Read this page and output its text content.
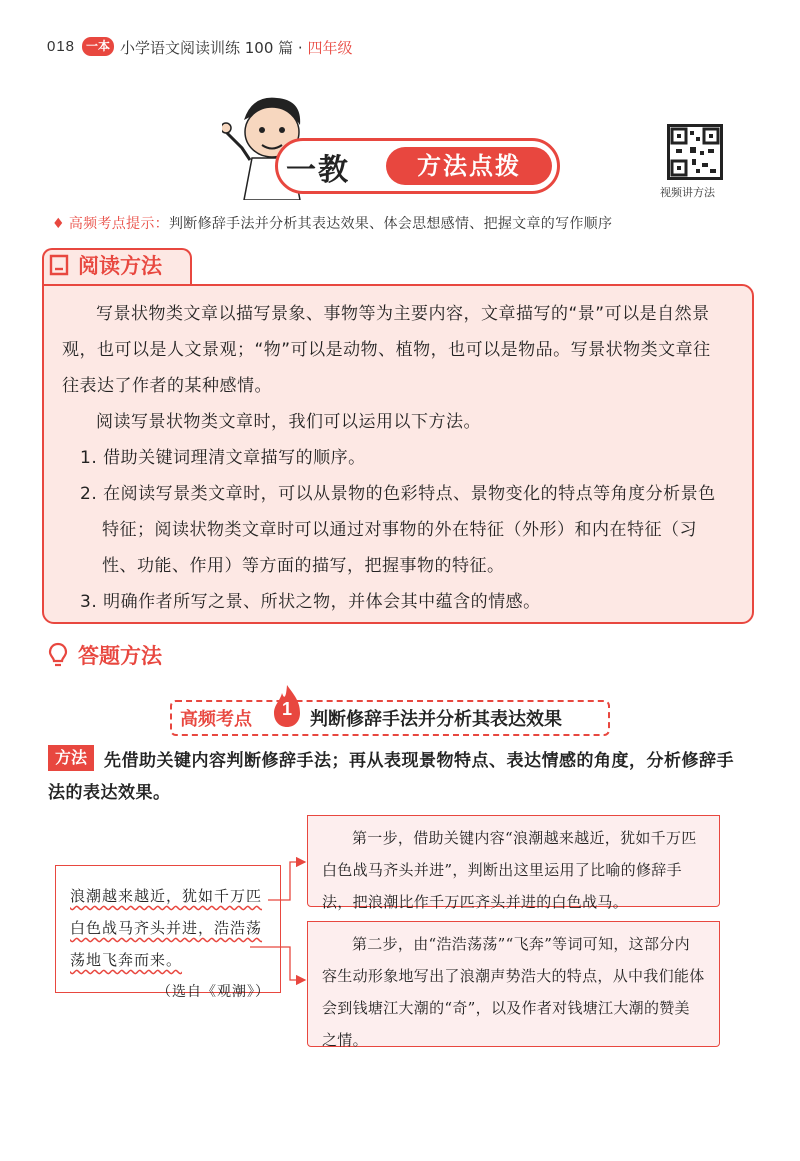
018 一本 小学语文阅读训练 100 篇 · 四年级
一教	方法点拨
视频讲方法
♦ 高频考点提示：判断修辞手法并分析其表达效果、体会思想感情、把握文章的写作顺序
阅读方法

写景状物类文章以描写景象、事物等为主要内容，文章描写的“景”可以是自然景观，也可以是人文景观；“物”可以是动物、植物，也可以是物品。写景状物类文章往往表达了作者的某种感情。

阅读写景状物类文章时，我们可以运用以下方法。

1. 借助关键词理清文章描写的顺序。

2. 在阅读写景类文章时，可以从景物的色彩特点、景物变化的特点等角度分析景色特征；阅读状物类文章时可以通过对事物的外在特征（外形）和内在特征（习性、功能、作用）等方面的描写，把握事物的特征。

3. 明确作者所写之景、所状之物，并体会其中蕴含的情感。

答题方法
高频考点 1 判断修辞手法并分析其表达效果
先借助关键内容判断修辞手法；再从表现景物特点、表达情感的角度，分析修辞手法的表达效果。
方法

浪潮越来越近，犹如千万匹白色战马齐头并进，浩浩荡荡地飞奔而来。

（选自《观潮》）

第一步，借助关键内容“浪潮越来越近，犹如千万匹白色战马齐头并进”，判断出这里运用了比喻的修辞手法，把浪潮比作千万匹齐头并进的白色战马。

第二步，由“浩浩荡荡”“飞奔”等词可知，这部分内容生动形象地写出了浪潮声势浩大的特点，从中我们能体会到钱塘江大潮的“奇”，以及作者对钱塘江大潮的赞美之情。
